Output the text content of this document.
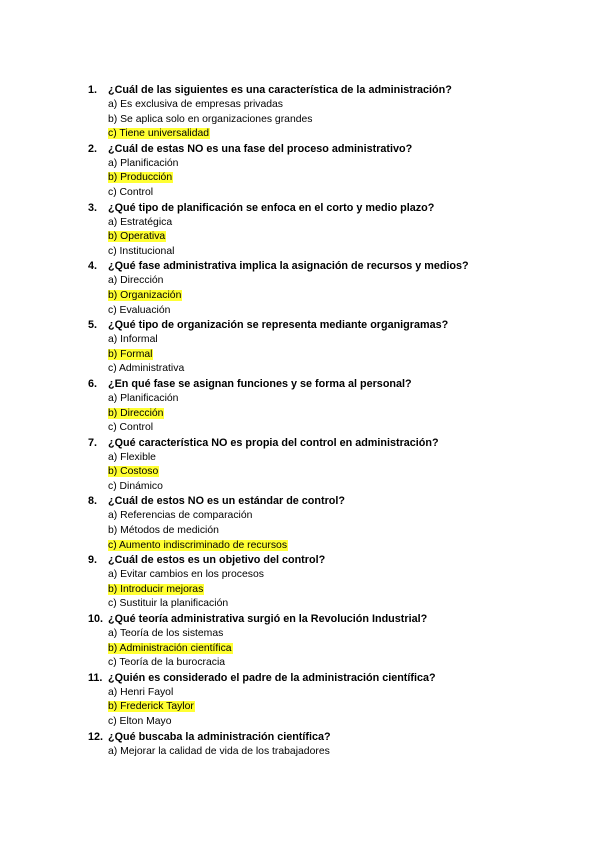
1.	¿Cuál de las siguientes es una característica de la administración?
a) Es exclusiva de empresas privadas
b) Se aplica solo en organizaciones grandes
c) Tiene universalidad
2.	¿Cuál de estas NO es una fase del proceso administrativo?
a) Planificación
b) Producción
c) Control
3.	¿Qué tipo de planificación se enfoca en el corto y medio plazo?
a) Estratégica
b) Operativa
c) Institucional
4.	¿Qué fase administrativa implica la asignación de recursos y medios?
a) Dirección
b) Organización
c) Evaluación
5.	¿Qué tipo de organización se representa mediante organigramas?
a) Informal
b) Formal
c) Administrativa
6.	¿En qué fase se asignan funciones y se forma al personal?
a) Planificación
b) Dirección
c) Control
7.	¿Qué característica NO es propia del control en administración?
a) Flexible
b) Costoso
c) Dinámico
8.	¿Cuál de estos NO es un estándar de control?
a) Referencias de comparación
b) Métodos de medición
c) Aumento indiscriminado de recursos
9.	¿Cuál de estos es un objetivo del control?
a) Evitar cambios en los procesos
b) Introducir mejoras
c) Sustituir la planificación
10. ¿Qué teoría administrativa surgió en la Revolución Industrial?
a) Teoría de los sistemas
b) Administración científica
c) Teoría de la burocracia
11. ¿Quién es considerado el padre de la administración científica?
a) Henri Fayol
b) Frederick Taylor
c) Elton Mayo
12. ¿Qué buscaba la administración científica?
a) Mejorar la calidad de vida de los trabajadores
